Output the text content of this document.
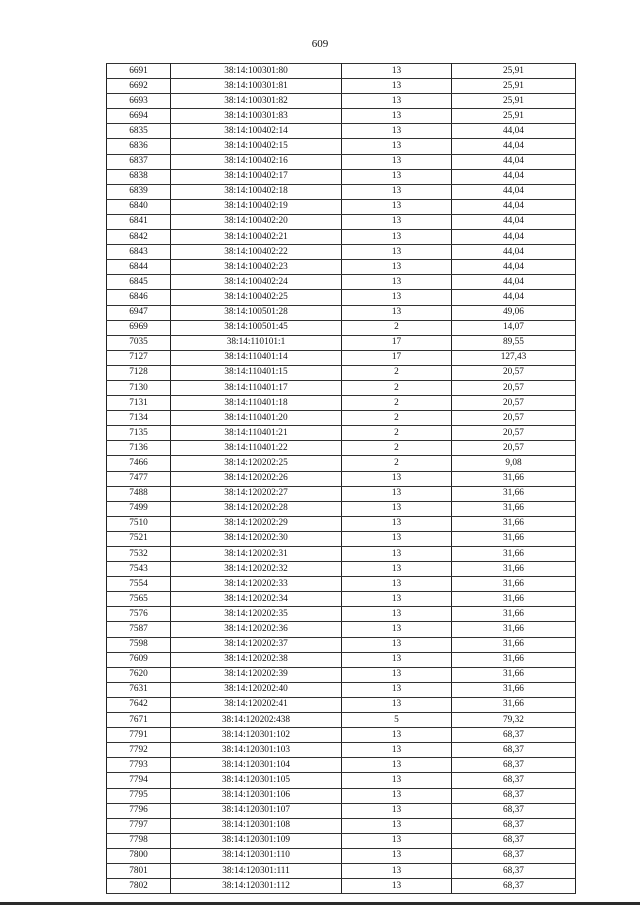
609
6691	38:14:100301:80	13	25,91
6692	38:14:100301:81	13	25,91
6693	38:14:100301:82	13	25,91
6694	38:14:100301:83	13	25,91
6835	38:14:100402:14	13	44,04
6836	38:14:100402:15	13	44,04
6837	38:14:100402:16	13	44,04
6838	38:14:100402:17	13	44,04
6839	38:14:100402:18	13	44,04
6840	38:14:100402:19	13	44,04
6841	38:14:100402:20	13	44,04
6842	38:14:100402:21	13	44,04
6843	38:14:100402:22	13	44,04
6844	38:14:100402:23	13	44,04
6845	38:14:100402:24	13	44,04
6846	38:14:100402:25	13	44,04
6947	38:14:100501:28	13	49,06
6969	38:14:100501:45	2	14,07
7035	38:14:110101:1	17	89,55
7127	38:14:110401:14	17	127,43
7128	38:14:110401:15	2	20,57
7130	38:14:110401:17	2	20,57
7131	38:14:110401:18	2	20,57
7134	38:14:110401:20	2	20,57
7135	38:14:110401:21	2	20,57
7136	38:14:110401:22	2	20,57
7466	38:14:120202:25	2	9,08
7477	38:14:120202:26	13	31,66
7488	38:14:120202:27	13	31,66
7499	38:14:120202:28	13	31,66
7510	38:14:120202:29	13	31,66
7521	38:14:120202:30	13	31,66
7532	38:14:120202:31	13	31,66
7543	38:14:120202:32	13	31,66
7554	38:14:120202:33	13	31,66
7565	38:14:120202:34	13	31,66
7576	38:14:120202:35	13	31,66
7587	38:14:120202:36	13	31,66
7598	38:14:120202:37	13	31,66
7609	38:14:120202:38	13	31,66
7620	38:14:120202:39	13	31,66
7631	38:14:120202:40	13	31,66
7642	38:14:120202:41	13	31,66
7671	38:14:120202:438	5	79,32
7791	38:14:120301:102	13	68,37
7792	38:14:120301:103	13	68,37
7793	38:14:120301:104	13	68,37
7794	38:14:120301:105	13	68,37
7795	38:14:120301:106	13	68,37
7796	38:14:120301:107	13	68,37
7797	38:14:120301:108	13	68,37
7798	38:14:120301:109	13	68,37
7800	38:14:120301:110	13	68,37
7801	38:14:120301:111	13	68,37
7802	38:14:120301:112	13	68,37
